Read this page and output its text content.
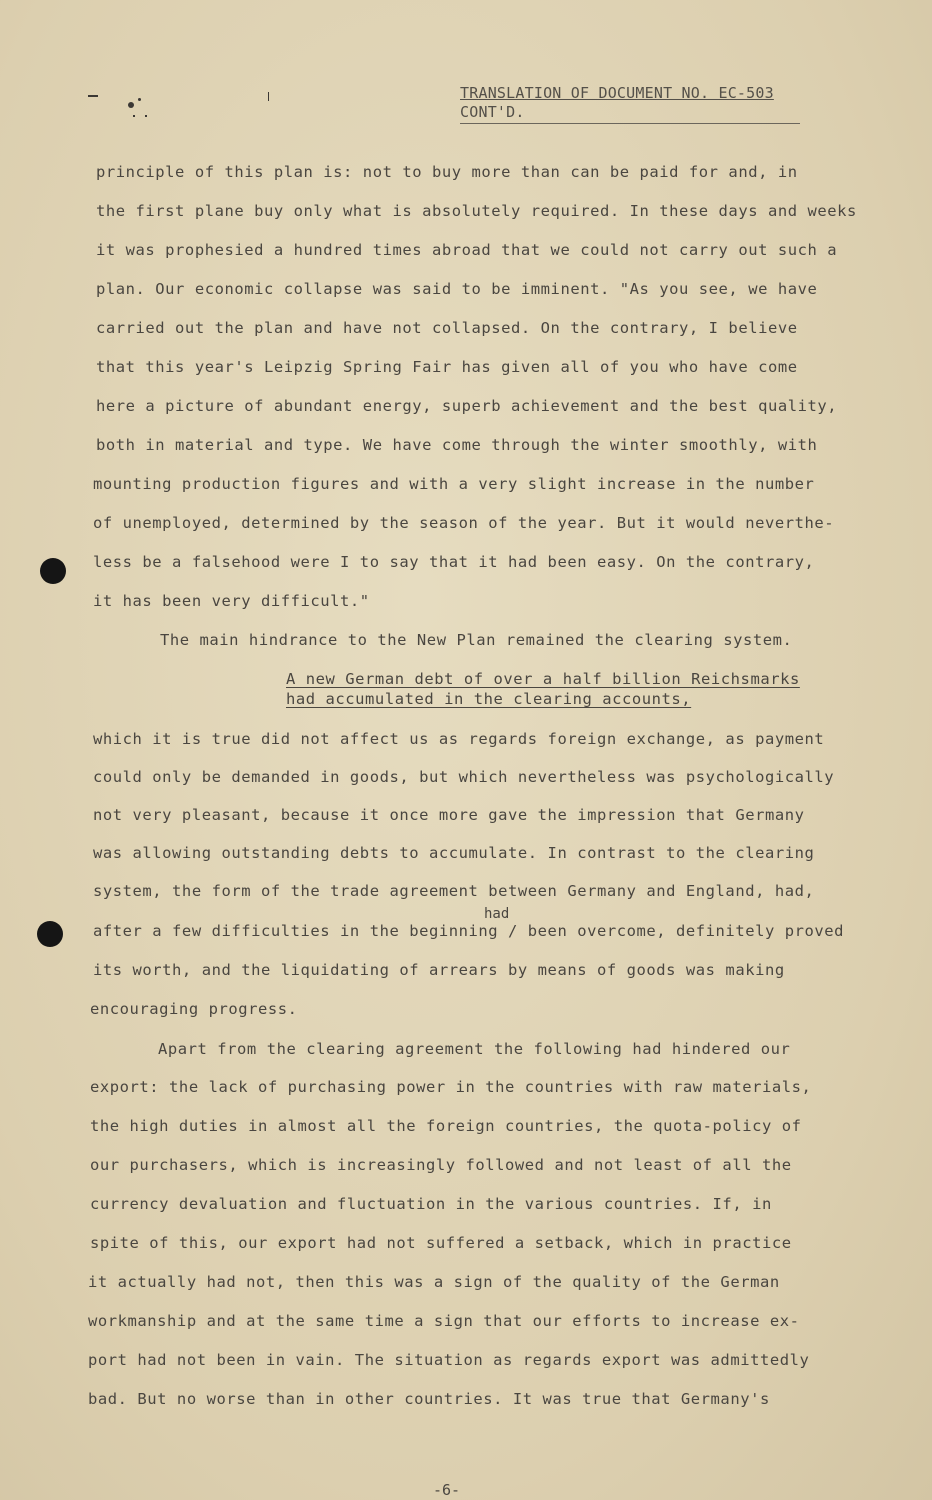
TRANSLATION OF DOCUMENT NO. EC-503
CONT'D.
principle of this plan is: not to buy more than can be paid for and, in
the first plane buy only what is absolutely required. In these days and weeks
it was prophesied a hundred times abroad that we could not carry out such a
plan. Our economic collapse was said to be imminent. "As you see, we have
carried out the plan and have not collapsed. On the contrary, I believe
that this year's Leipzig Spring Fair has given all of you who have come
here a picture of abundant energy, superb achievement and the best quality,
both in material and type. We have come through the winter smoothly, with
mounting production figures and with a very slight increase in the number
of unemployed, determined by the season of the year. But it would neverthe-
less be a falsehood were I to say that it had been easy. On the contrary,
it has been very difficult."
The main hindrance to the New Plan remained the clearing system.
A new German debt of over a half billion Reichsmarks
had accumulated in the clearing accounts,
which it is true did not affect us as regards foreign exchange, as payment
could only be demanded in goods, but which nevertheless was psychologically
not very pleasant, because it once more gave the impression that Germany
was allowing outstanding debts to accumulate. In contrast to the clearing
system, the form of the trade agreement between Germany and England, had,
had
after a few difficulties in the beginning / been overcome, definitely proved
its worth, and the liquidating of arrears by means of goods was making
encouraging progress.
Apart from the clearing agreement the following had hindered our
export: the lack of purchasing power in the countries with raw materials,
the high duties in almost all the foreign countries, the quota-policy of
our purchasers, which is increasingly followed and not least of all the
currency devaluation and fluctuation in the various countries. If, in
spite of this, our export had not suffered a setback, which in practice
it actually had not, then this was a sign of the quality of the German
workmanship and at the same time a sign that our efforts to increase ex-
port had not been in vain. The situation as regards export was admittedly
bad. But no worse than in other countries. It was true that Germany's
-6-
